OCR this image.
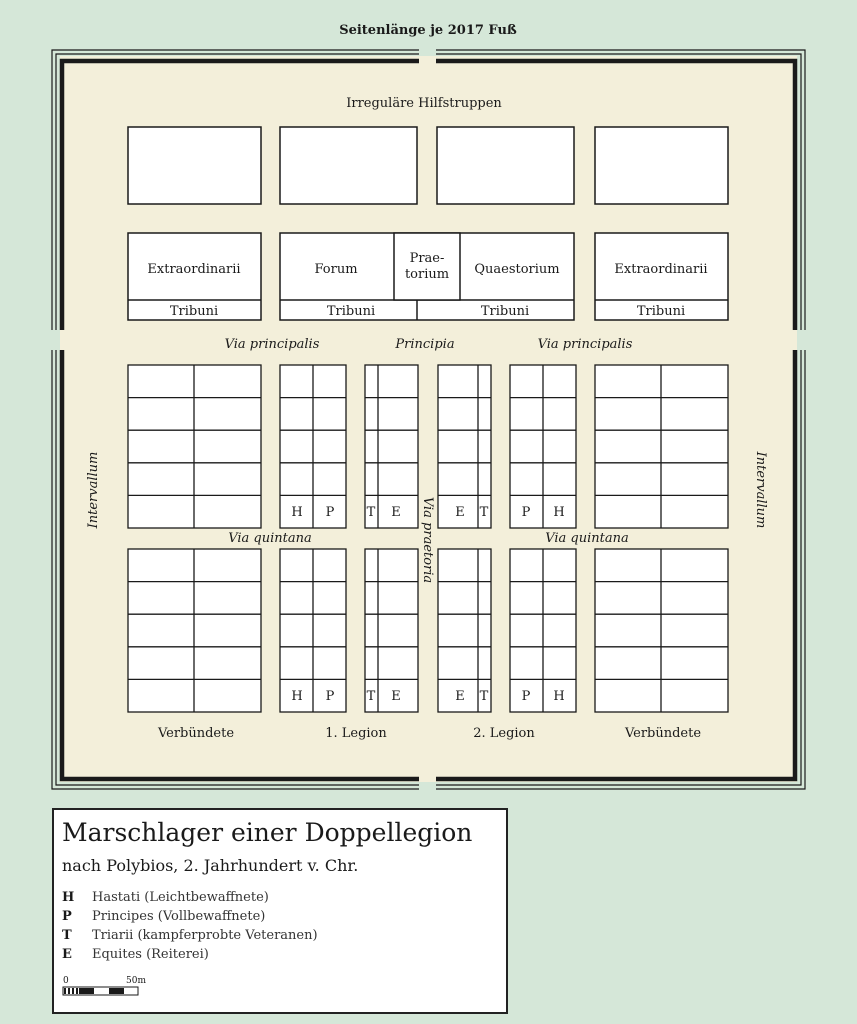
Seitenlänge je 2017 Fuß
Irreguläre Hilfstruppen
Extraordinarii	Forum
Prae-
torium Quaestorium	Extraordinarii
Tribuni	Tribuni	Tribuni	Tribuni
Via principalis	Principia	Via principalis
Via quintana	Via quintana
Via praetoria
Intervallum	Intervallum
H P T E	E T	P H
H P T E	E T	P H
Verbündete	1. Legion	2. Legion	Verbündete
Marschlager einer Doppellegion
nach Polybios, 2. Jahrhundert v. Chr.
H Hastati (Leichtbewaffnete)
P Principes (Vollbewaffnete)
T Triarii (kampferprobte Veteranen)
E Equites (Reiterei)
0	50m
